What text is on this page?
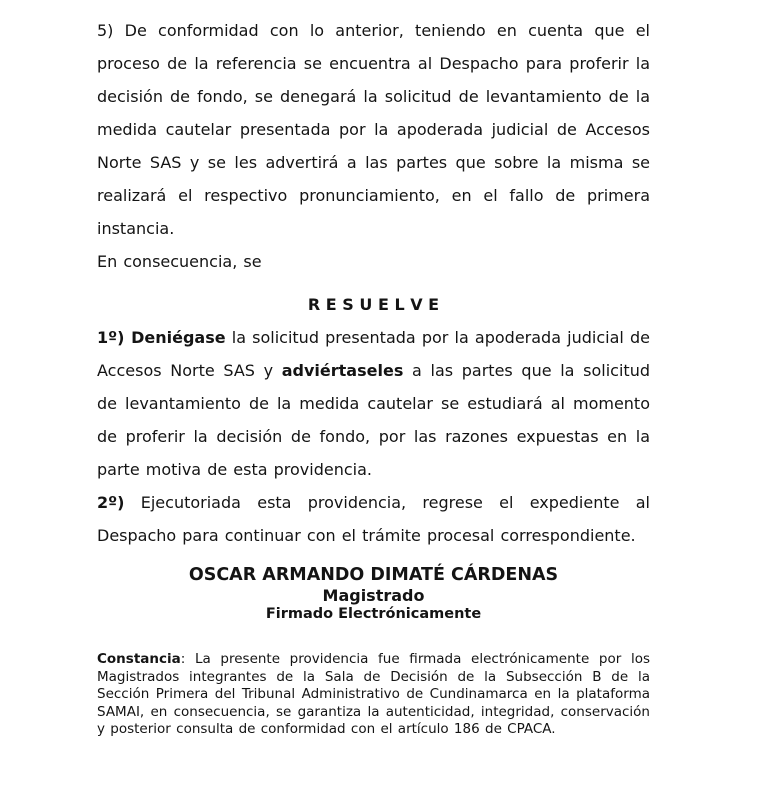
5) De conformidad con lo anterior, teniendo en cuenta que el proceso de la referencia se encuentra al Despacho para proferir la decisión de fondo, se denegará la solicitud de levantamiento de la medida cautelar presentada por la apoderada judicial de Accesos Norte SAS y se les advertirá a las partes que sobre la misma se realizará el respectivo pronunciamiento, en el fallo de primera instancia.

En consecuencia, se

R E S U E L V E

1º) Deniégase la solicitud presentada por la apoderada judicial de Accesos Norte SAS y adviértaseles a las partes que la solicitud de levantamiento de la medida cautelar se estudiará al momento de proferir la decisión de fondo, por las razones expuestas en la parte motiva de esta providencia.

2º) Ejecutoriada esta providencia, regrese el expediente al Despacho para continuar con el trámite procesal correspondiente.

OSCAR ARMANDO DIMATÉ CÁRDENAS
Magistrado
Firmado Electrónicamente

Constancia: La presente providencia fue firmada electrónicamente por los Magistrados integrantes de la Sala de Decisión de la Subsección B de la Sección Primera del Tribunal Administrativo de Cundinamarca en la plataforma SAMAI, en consecuencia, se garantiza la autenticidad, integridad, conservación y posterior consulta de conformidad con el artículo 186 de CPACA.
